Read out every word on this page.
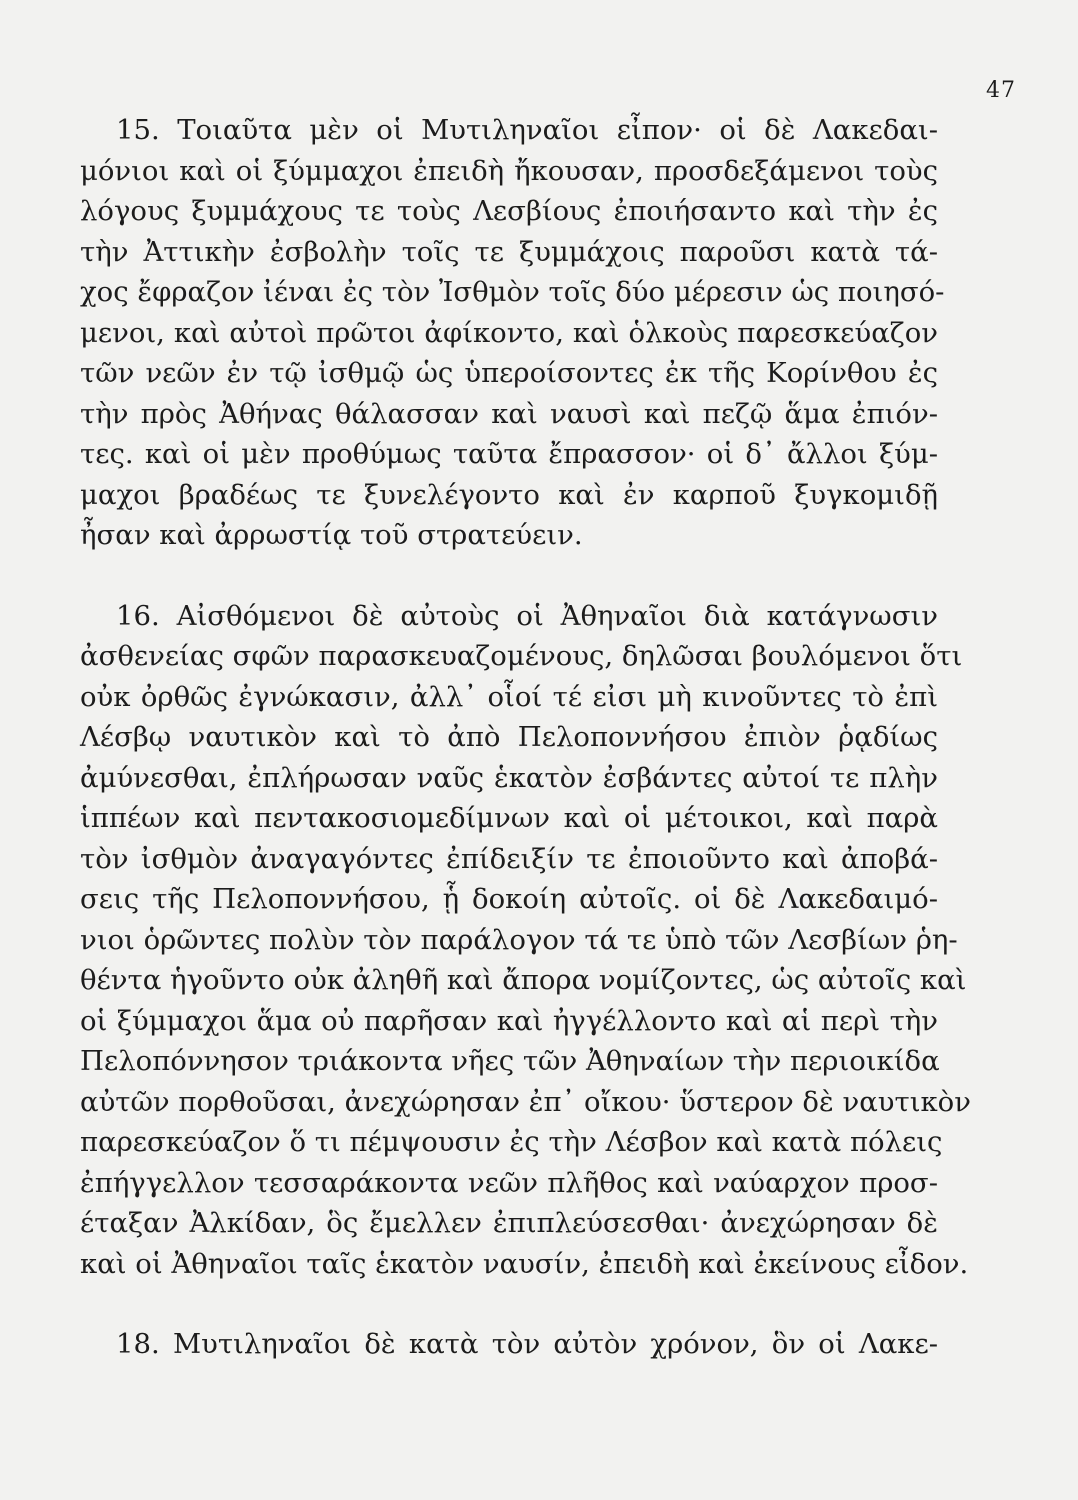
47
15. Τοιαῦτα μὲν οἱ Μυτιληναῖοι εἶπον· οἱ δὲ Λακεδαι-
μόνιοι καὶ οἱ ξύμμαχοι ἐπειδὴ ἤκουσαν, προσδεξάμενοι τοὺς
λόγους ξυμμάχους τε τοὺς Λεσβίους ἐποιήσαντο καὶ τὴν ἐς
τὴν Ἀττικὴν ἐσβολὴν τοῖς τε ξυμμάχοις παροῦσι κατὰ τά-
χος ἔφραζον ἰέναι ἐς τὸν Ἰσθμὸν τοῖς δύο μέρεσιν ὡς ποιησό-
μενοι, καὶ αὐτοὶ πρῶτοι ἀφίκοντο, καὶ ὁλκοὺς παρεσκεύαζον
τῶν νεῶν ἐν τῷ ἰσθμῷ ὡς ὑπεροίσοντες ἐκ τῆς Κορίνθου ἐς
τὴν πρὸς Ἀθήνας θάλασσαν καὶ ναυσὶ καὶ πεζῷ ἅμα ἐπιόν-
τες. καὶ οἱ μὲν προθύμως ταῦτα ἔπρασσον· οἱ δ᾽ ἄλλοι ξύμ-
μαχοι βραδέως τε ξυνελέγοντο καὶ ἐν καρποῦ ξυγκομιδῇ
ἦσαν καὶ ἀρρωστίᾳ τοῦ στρατεύειν.
16. Αἰσθόμενοι δὲ αὐτοὺς οἱ Ἀθηναῖοι διὰ κατάγνωσιν
ἀσθενείας σφῶν παρασκευαζομένους, δηλῶσαι βουλόμενοι ὅτι
οὐκ ὀρθῶς ἐγνώκασιν, ἀλλ᾽ οἷοί τέ εἰσι μὴ κινοῦντες τὸ ἐπὶ
Λέσβῳ ναυτικὸν καὶ τὸ ἀπὸ Πελοποννήσου ἐπιὸν ῥᾳδίως
ἀμύνεσθαι, ἐπλήρωσαν ναῦς ἑκατὸν ἐσβάντες αὐτοί τε πλὴν
ἱππέων καὶ πεντακοσιομεδίμνων καὶ οἱ μέτοικοι, καὶ παρὰ
τὸν ἰσθμὸν ἀναγαγόντες ἐπίδειξίν τε ἐποιοῦντο καὶ ἀποβά-
σεις τῆς Πελοποννήσου, ᾗ δοκοίη αὐτοῖς. οἱ δὲ Λακεδαιμό-
νιοι ὁρῶντες πολὺν τὸν παράλογον τά τε ὑπὸ τῶν Λεσβίων ῥη-
θέντα ἡγοῦντο οὐκ ἀληθῆ καὶ ἄπορα νομίζοντες, ὡς αὐτοῖς καὶ
οἱ ξύμμαχοι ἅμα οὐ παρῆσαν καὶ ἠγγέλλοντο καὶ αἱ περὶ τὴν
Πελοπόννησον τριάκοντα νῆες τῶν Ἀθηναίων τὴν περιοικίδα
αὐτῶν πορθοῦσαι, ἀνεχώρησαν ἐπ᾽ οἴκου· ὕστερον δὲ ναυτικὸν
παρεσκεύαζον ὅ τι πέμψουσιν ἐς τὴν Λέσβον καὶ κατὰ πόλεις
ἐπήγγελλον τεσσαράκοντα νεῶν πλῆθος καὶ ναύαρχον προσ-
έταξαν Ἀλκίδαν, ὃς ἔμελλεν ἐπιπλεύσεσθαι· ἀνεχώρησαν δὲ
καὶ οἱ Ἀθηναῖοι ταῖς ἑκατὸν ναυσίν, ἐπειδὴ καὶ ἐκείνους εἶδον.
18. Μυτιληναῖοι δὲ κατὰ τὸν αὐτὸν χρόνον, ὃν οἱ Λακε-
